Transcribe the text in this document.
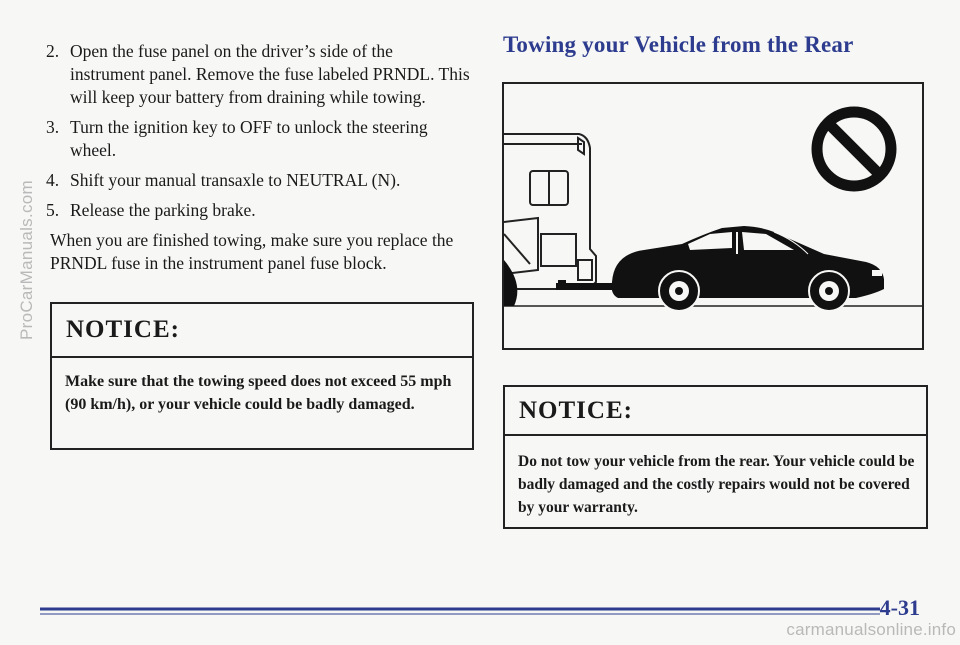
ProCarManuals.com
2. Open the fuse panel on the driver’s side of the instrument panel. Remove the fuse labeled PRNDL. This will keep your battery from draining while towing.
3. Turn the ignition key to OFF to unlock the steering wheel.
4. Shift your manual transaxle to NEUTRAL (N).
5. Release the parking brake.
When you are finished towing, make sure you replace the PRNDL fuse in the instrument panel fuse block.
NOTICE:
Make sure that the towing speed does not exceed 55 mph (90 km/h), or your vehicle could be badly damaged.
Towing your Vehicle from the Rear
NOTICE:
Do not tow your vehicle from the rear. Your vehicle could be badly damaged and the costly repairs would not be covered by your warranty.
4-31
carmanualsonline.info
